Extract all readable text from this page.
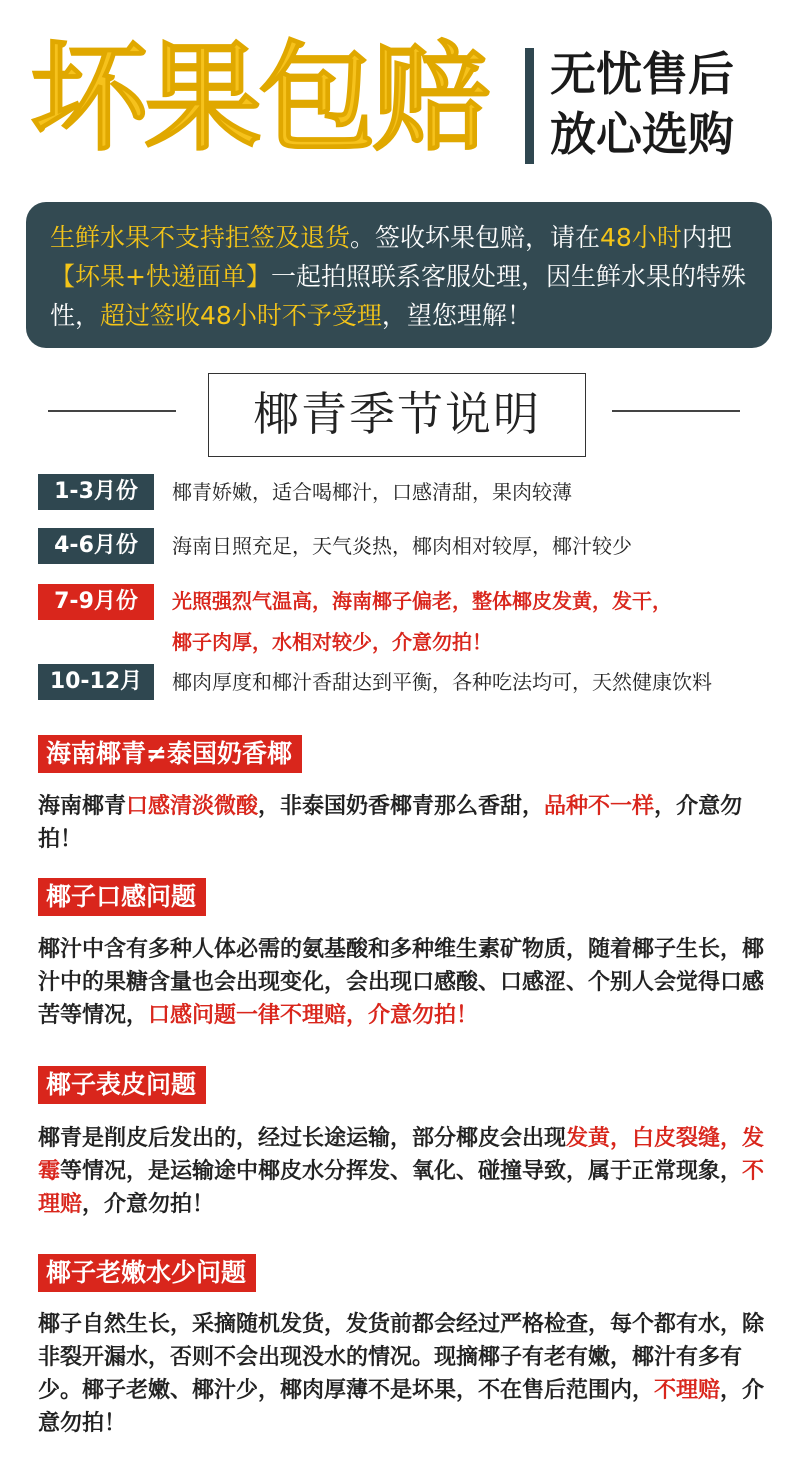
坏果包赔 无忧售后
放心选购
生鲜水果不支持拒签及退货。签收坏果包赔，请在48小时内把【坏果+快递面单】一起拍照联系客服处理，因生鲜水果的特殊性，超过签收48小时不予受理，望您理解！
椰青季节说明
1-3月份	椰青娇嫩，适合喝椰汁，口感清甜，果肉较薄
4-6月份	海南日照充足，天气炎热，椰肉相对较厚，椰汁较少
7-9月份	光照强烈气温高，海南椰子偏老，整体椰皮发黄，发干，
椰子肉厚，水相对较少，介意勿拍！
10-12月	椰肉厚度和椰汁香甜达到平衡，各种吃法均可，天然健康饮料
海南椰青≠泰国奶香椰
海南椰青口感清淡微酸，非泰国奶香椰青那么香甜，品种不一样，介意勿拍！
椰子口感问题
椰汁中含有多种人体必需的氨基酸和多种维生素矿物质，随着椰子生长，椰汁中的果糖含量也会出现变化，会出现口感酸、口感涩、个别人会觉得口感苦等情况，口感问题一律不理赔，介意勿拍！
椰子表皮问题
椰青是削皮后发出的，经过长途运输，部分椰皮会出现发黄，白皮裂缝，发霉等情况，是运输途中椰皮水分挥发、氧化、碰撞导致，属于正常现象，不理赔，介意勿拍！
椰子老嫩水少问题
椰子自然生长，采摘随机发货，发货前都会经过严格检查，每个都有水，除非裂开漏水，否则不会出现没水的情况。现摘椰子有老有嫩，椰汁有多有少。椰子老嫩、椰汁少，椰肉厚薄不是坏果，不在售后范围内，不理赔，介意勿拍！
